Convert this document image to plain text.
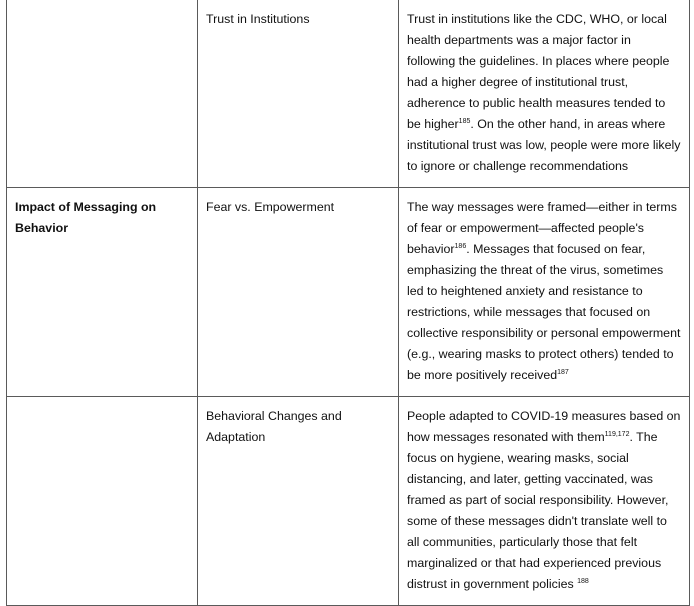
	Trust in Institutions	Trust in institutions like the CDC, WHO, or local health departments was a major factor in following the guidelines. In places where people had a higher degree of institutional trust, adherence to public health measures tended to be higher$^{185}$. On the other hand, in areas where institutional trust was low, people were more likely to ignore or challenge recommendations
Impact of Messaging on Behavior	Fear vs. Empowerment	The way messages were framed—either in terms of fear or empowerment—affected people's behavior$^{186}$. Messages that focused on fear, emphasizing the threat of the virus, sometimes led to heightened anxiety and resistance to restrictions, while messages that focused on collective responsibility or personal empowerment (e.g., wearing masks to protect others) tended to be more positively received$^{187}$
	Behavioral Changes and Adaptation	People adapted to COVID-19 measures based on how messages resonated with them$^{119,172}$. The focus on hygiene, wearing masks, social distancing, and later, getting vaccinated, was framed as part of social responsibility. However, some of these messages didn't translate well to all communities, particularly those that felt marginalized or that had experienced previous distrust in government policies $^{188}$
